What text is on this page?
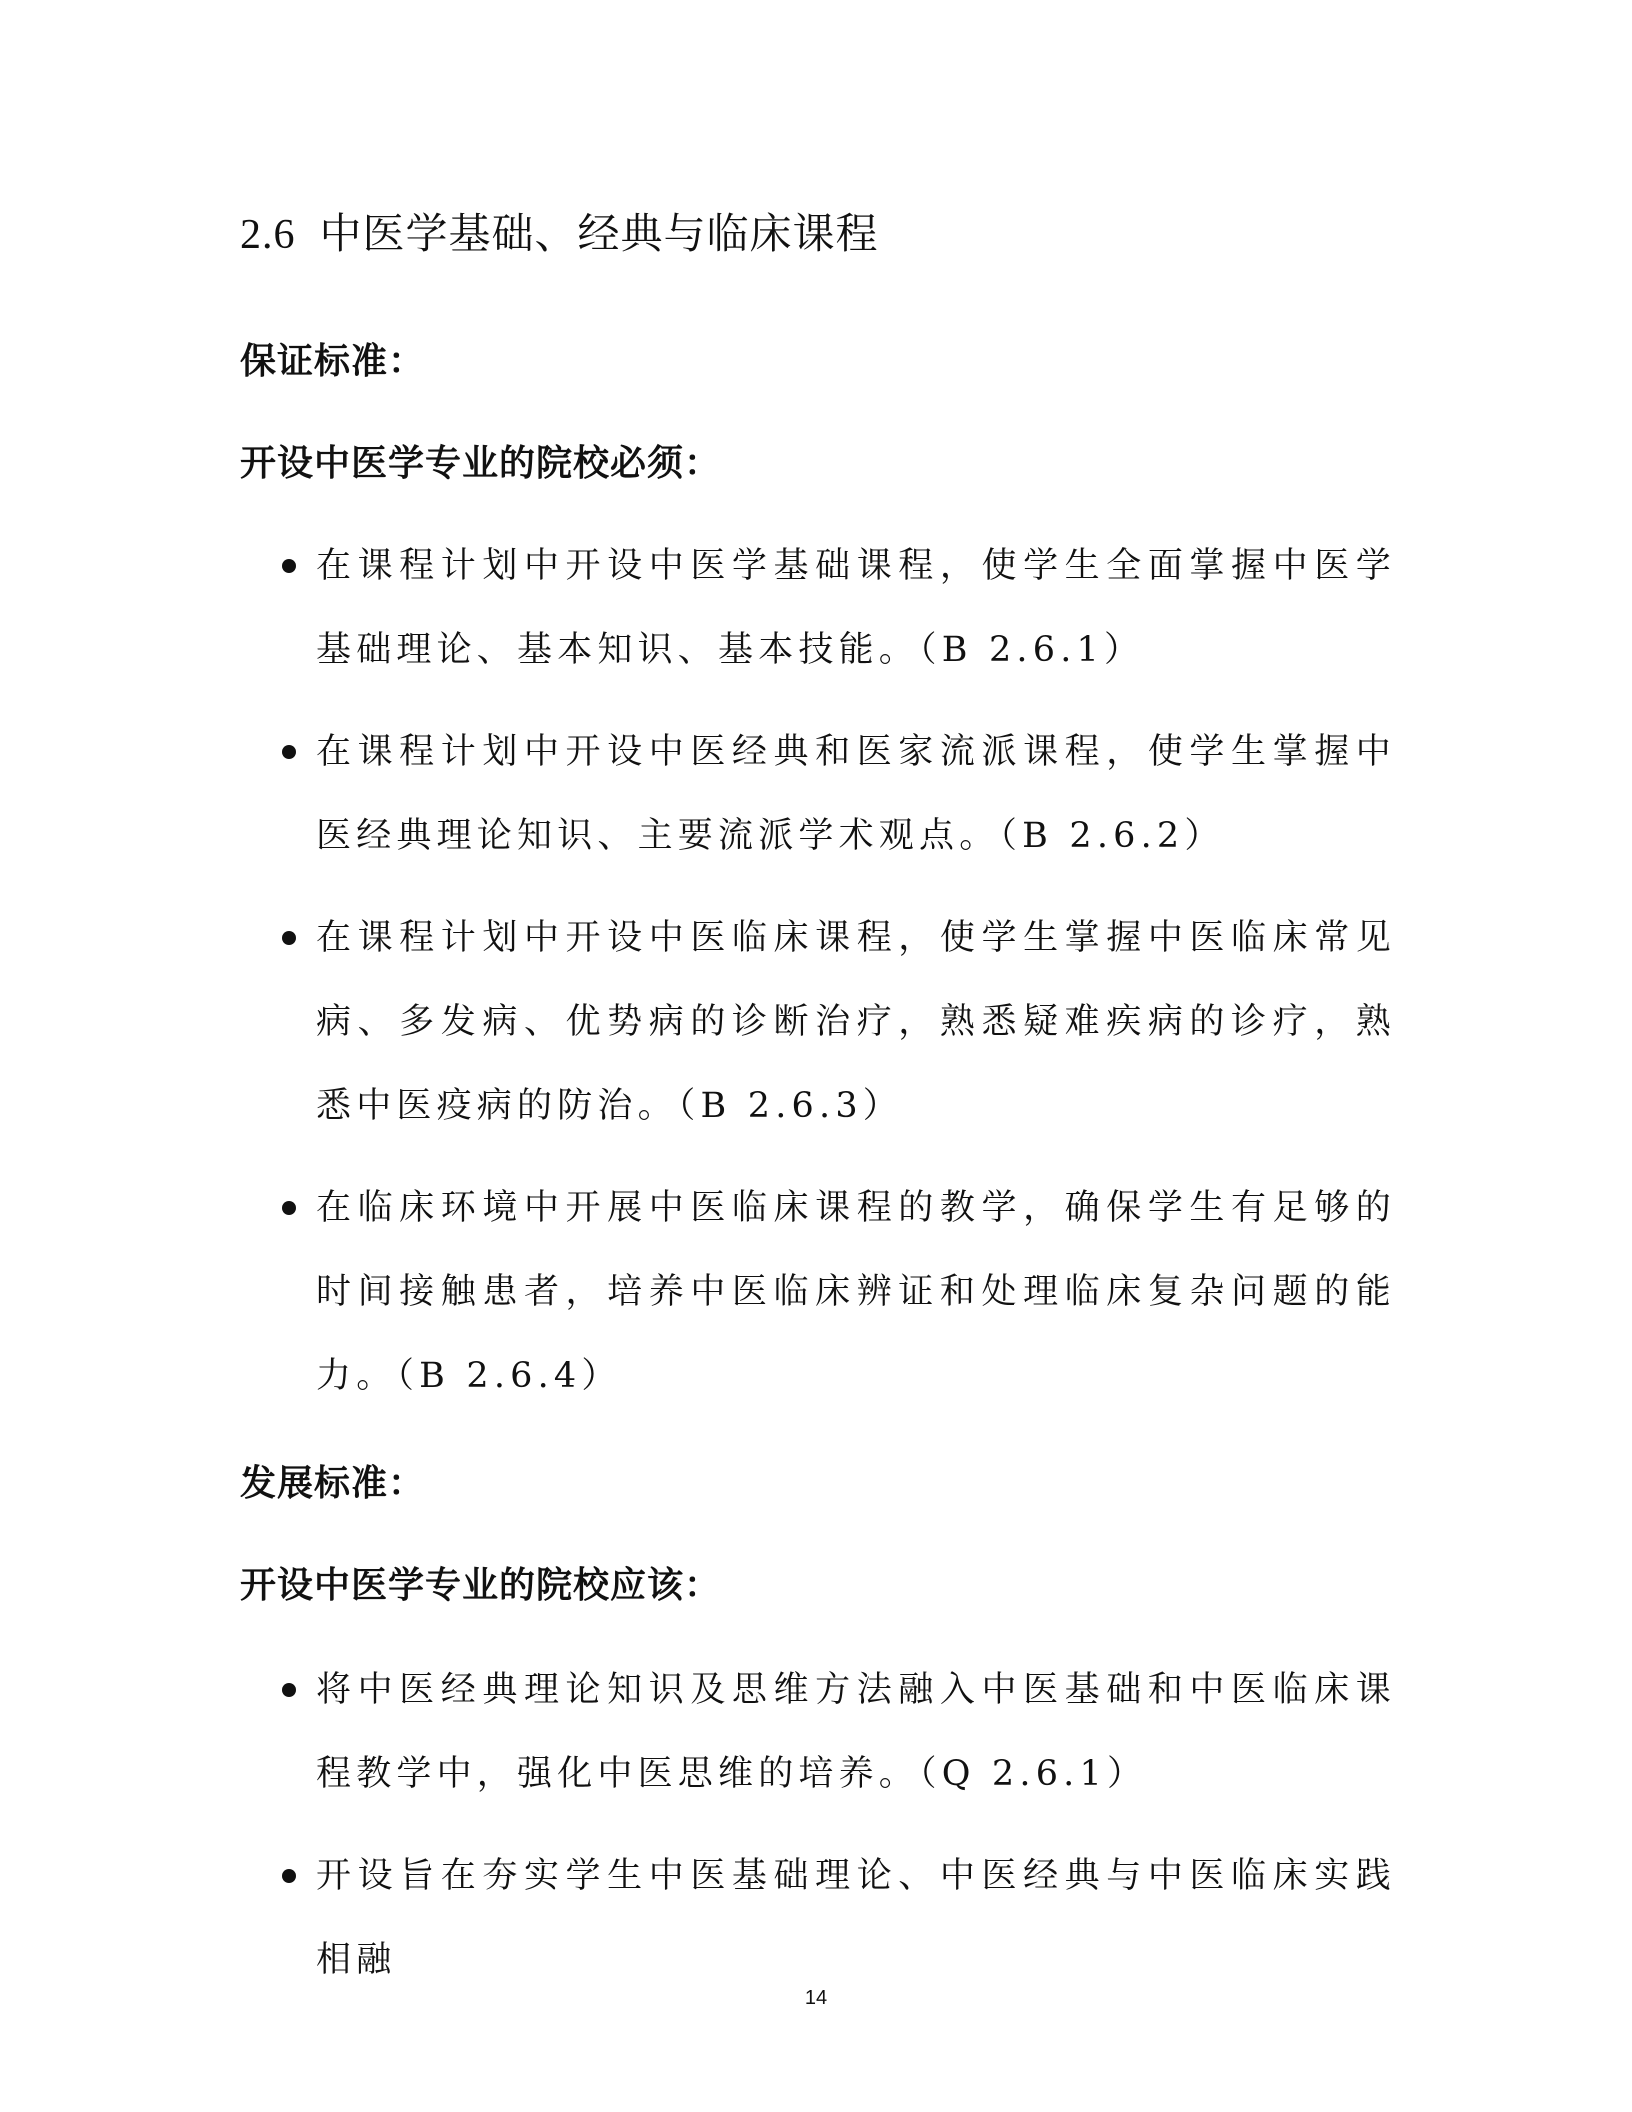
2.6 中医学基础、经典与临床课程
保证标准：
开设中医学专业的院校必须：
在课程计划中开设中医学基础课程，使学生全面掌握中医学基础理论、基本知识、基本技能。（B 2.6.1）
在课程计划中开设中医经典和医家流派课程，使学生掌握中医经典理论知识、主要流派学术观点。（B 2.6.2）
在课程计划中开设中医临床课程，使学生掌握中医临床常见病、多发病、优势病的诊断治疗，熟悉疑难疾病的诊疗，熟悉中医疫病的防治。（B 2.6.3）
在临床环境中开展中医临床课程的教学，确保学生有足够的时间接触患者，培养中医临床辨证和处理临床复杂问题的能力。（B 2.6.4）
发展标准：
开设中医学专业的院校应该：
将中医经典理论知识及思维方法融入中医基础和中医临床课程教学中，强化中医思维的培养。（Q 2.6.1）
开设旨在夯实学生中医基础理论、中医经典与中医临床实践相融
14
